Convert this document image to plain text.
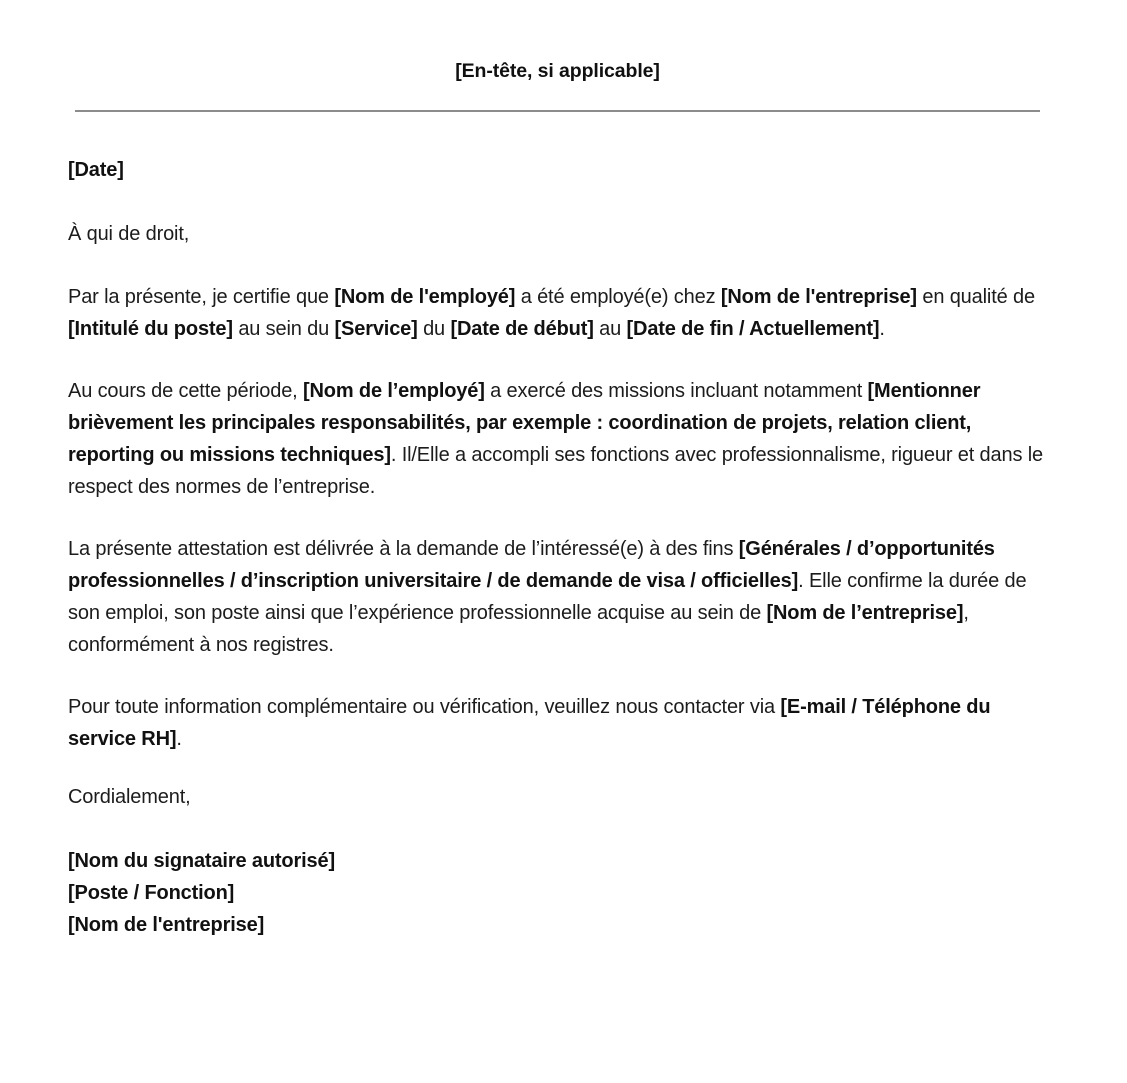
[En-tête, si applicable]

[Date]

À qui de droit,

Par la présente, je certifie que [Nom de l'employé] a été employé(e) chez [Nom de l'entreprise] en qualité de [Intitulé du poste] au sein du [Service] du [Date de début] au [Date de fin / Actuellement].

Au cours de cette période, [Nom de l’employé] a exercé des missions incluant notamment [Mentionner brièvement les principales responsabilités, par exemple : coordination de projets, relation client, reporting ou missions techniques]. Il/Elle a accompli ses fonctions avec professionnalisme, rigueur et dans le respect des normes de l’entreprise.

La présente attestation est délivrée à la demande de l’intéressé(e) à des fins [Générales / d’opportunités professionnelles / d’inscription universitaire / de demande de visa / officielles]. Elle confirme la durée de son emploi, son poste ainsi que l’expérience professionnelle acquise au sein de [Nom de l’entreprise], conformément à nos registres.

Pour toute information complémentaire ou vérification, veuillez nous contacter via [E-mail / Téléphone du service RH].

Cordialement,

[Nom du signataire autorisé]

[Poste / Fonction]

[Nom de l'entreprise]
